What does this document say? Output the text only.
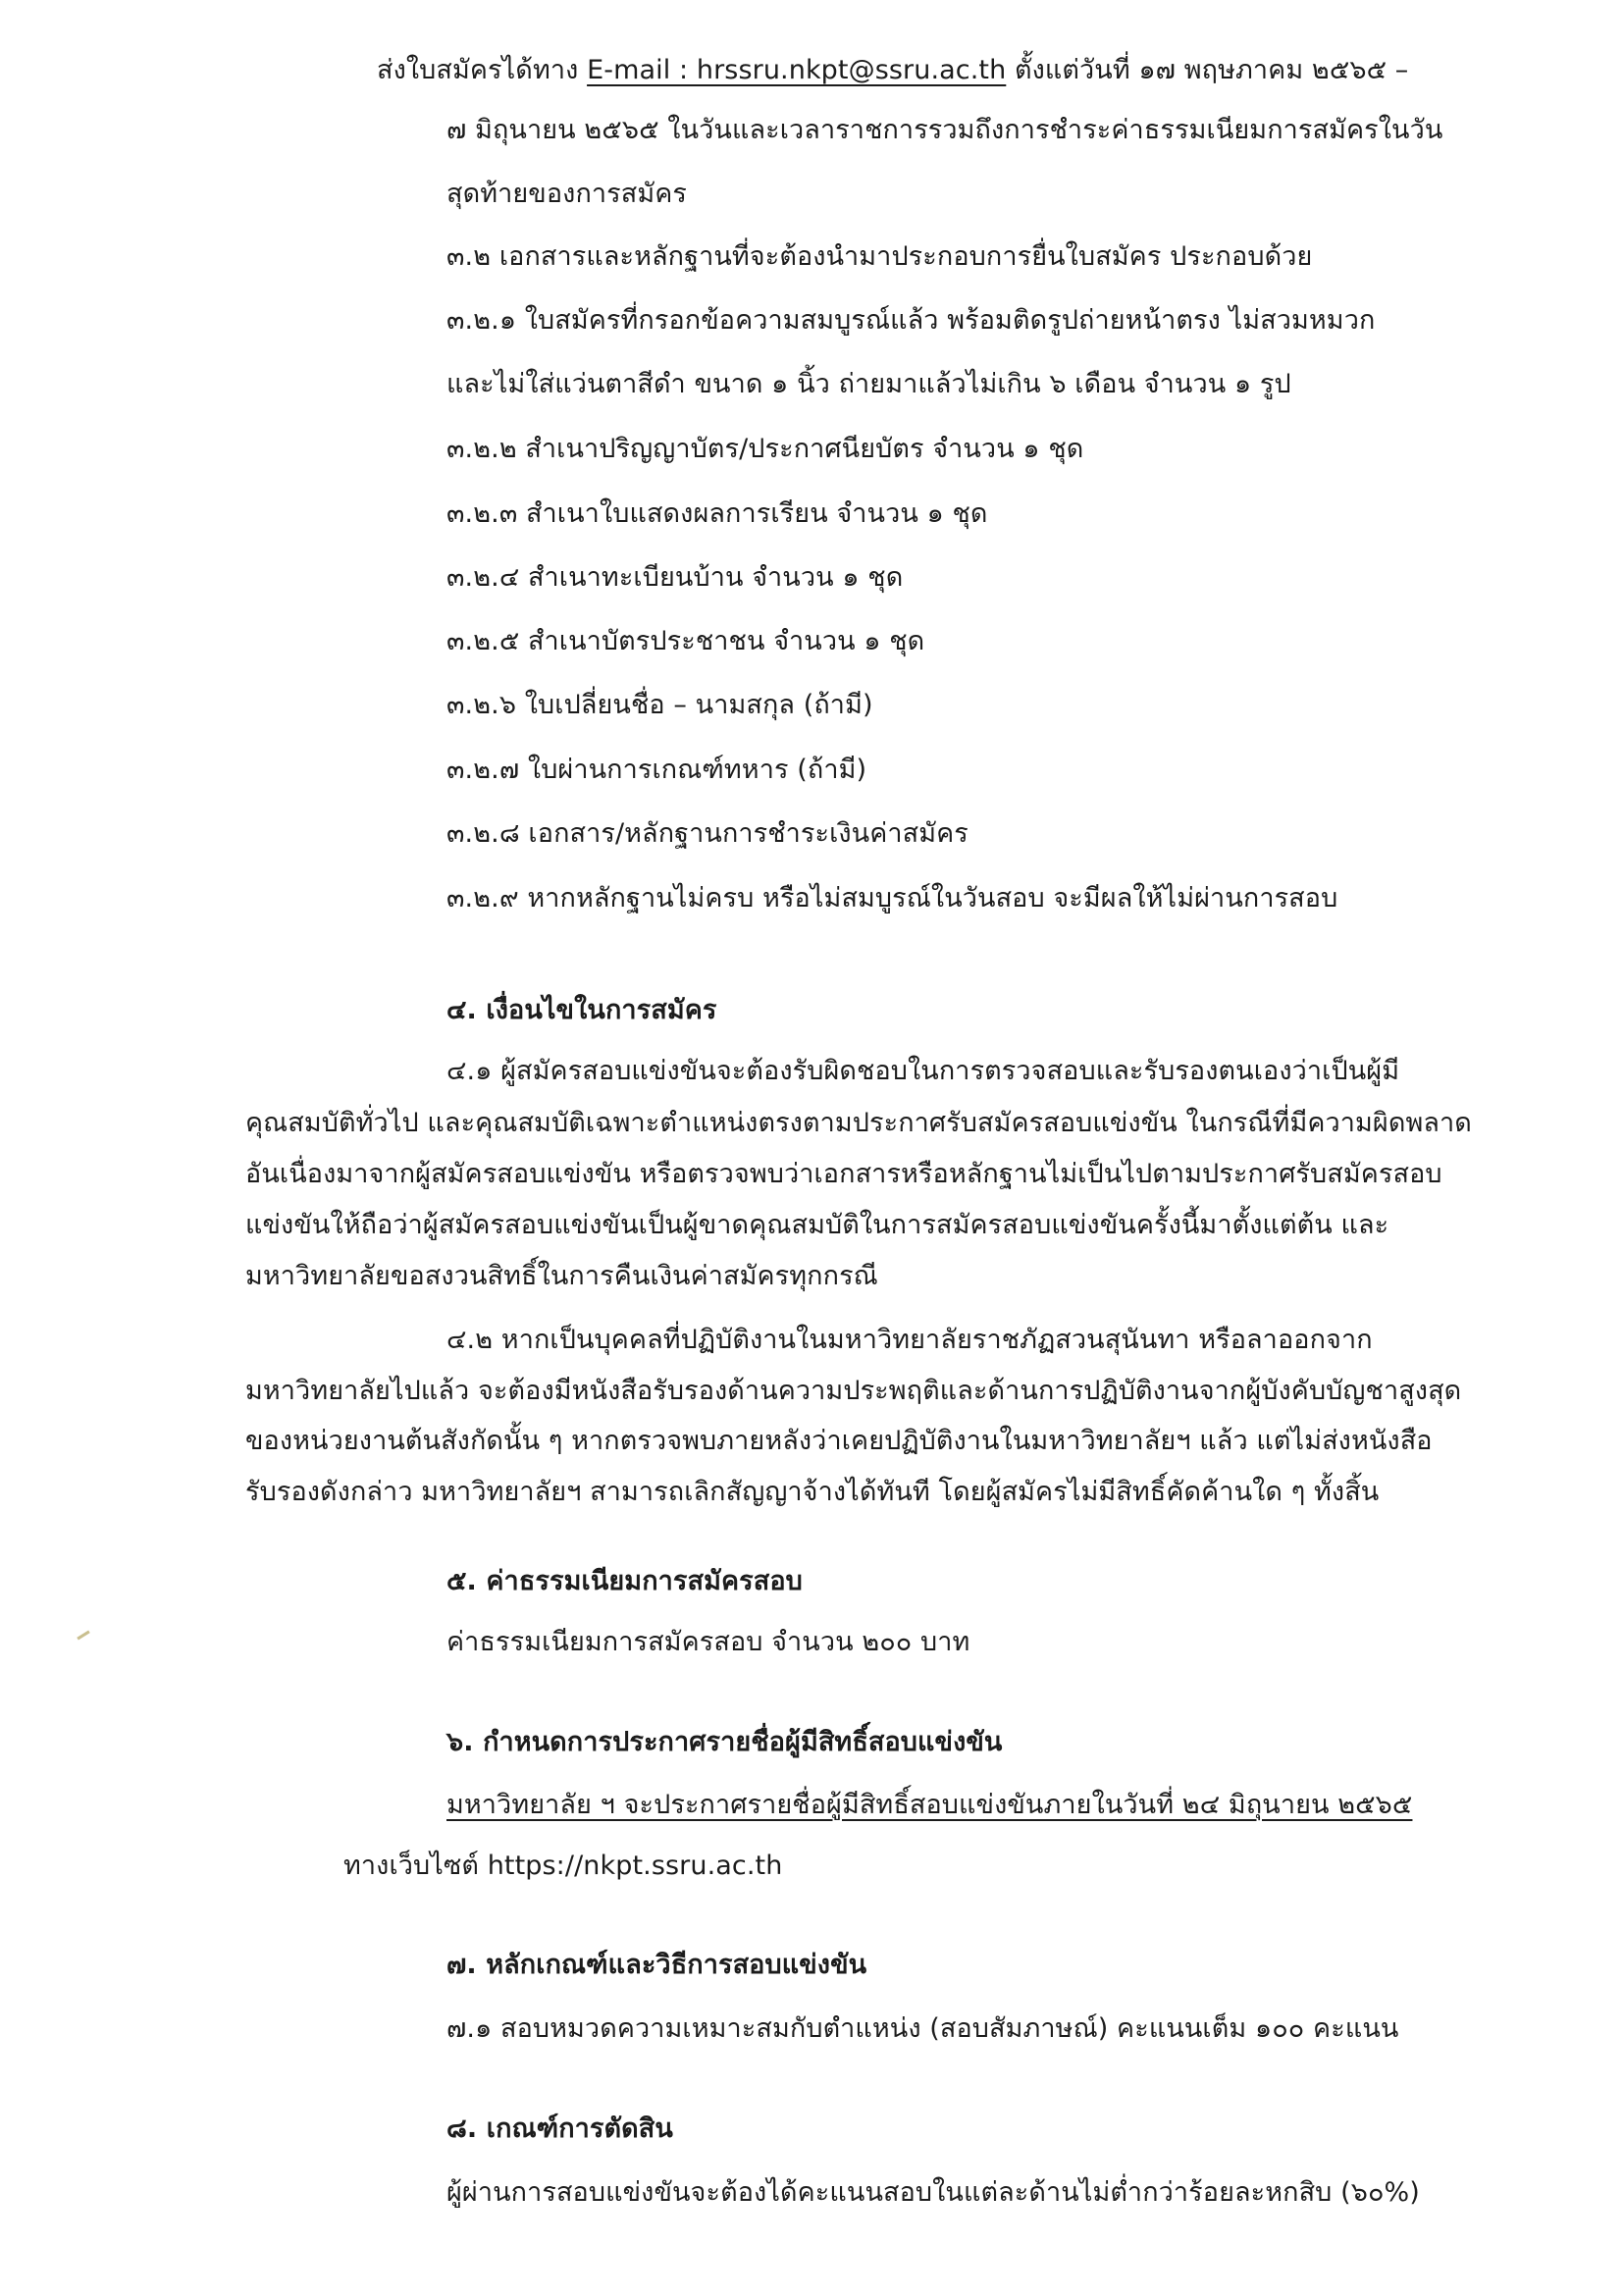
ส่งใบสมัครได้ทาง E-mail : hrssru.nkpt@ssru.ac.th ตั้งแต่วันที่ ๑๗ พฤษภาคม ๒๕๖๕ –
๗ มิถุนายน ๒๕๖๕ ในวันและเวลาราชการรวมถึงการชำระค่าธรรมเนียมการสมัครในวัน
สุดท้ายของการสมัคร
๓.๒ เอกสารและหลักฐานที่จะต้องนำมาประกอบการยื่นใบสมัคร ประกอบด้วย
๓.๒.๑ ใบสมัครที่กรอกข้อความสมบูรณ์แล้ว พร้อมติดรูปถ่ายหน้าตรง ไม่สวมหมวก
และไม่ใส่แว่นตาสีดำ ขนาด ๑ นิ้ว ถ่ายมาแล้วไม่เกิน ๖ เดือน จำนวน ๑ รูป
๓.๒.๒ สำเนาปริญญาบัตร/ประกาศนียบัตร จำนวน ๑ ชุด
๓.๒.๓ สำเนาใบแสดงผลการเรียน จำนวน ๑ ชุด
๓.๒.๔ สำเนาทะเบียนบ้าน จำนวน ๑ ชุด
๓.๒.๕ สำเนาบัตรประชาชน จำนวน ๑ ชุด
๓.๒.๖ ใบเปลี่ยนชื่อ – นามสกุล (ถ้ามี)
๓.๒.๗ ใบผ่านการเกณฑ์ทหาร (ถ้ามี)
๓.๒.๘ เอกสาร/หลักฐานการชำระเงินค่าสมัคร
๓.๒.๙ หากหลักฐานไม่ครบ หรือไม่สมบูรณ์ในวันสอบ จะมีผลให้ไม่ผ่านการสอบ
๔. เงื่อนไขในการสมัคร
๔.๑ ผู้สมัครสอบแข่งขันจะต้องรับผิดชอบในการตรวจสอบและรับรองตนเองว่าเป็นผู้มี
คุณสมบัติทั่วไป และคุณสมบัติเฉพาะตำแหน่งตรงตามประกาศรับสมัครสอบแข่งขัน ในกรณีที่มีความผิดพลาด
อันเนื่องมาจากผู้สมัครสอบแข่งขัน หรือตรวจพบว่าเอกสารหรือหลักฐานไม่เป็นไปตามประกาศรับสมัครสอบ
แข่งขันให้ถือว่าผู้สมัครสอบแข่งขันเป็นผู้ขาดคุณสมบัติในการสมัครสอบแข่งขันครั้งนี้มาตั้งแต่ต้น และ
มหาวิทยาลัยขอสงวนสิทธิ์ในการคืนเงินค่าสมัครทุกกรณี
๔.๒ หากเป็นบุคคลที่ปฏิบัติงานในมหาวิทยาลัยราชภัฏสวนสุนันทา หรือลาออกจาก
มหาวิทยาลัยไปแล้ว จะต้องมีหนังสือรับรองด้านความประพฤติและด้านการปฏิบัติงานจากผู้บังคับบัญชาสูงสุด
ของหน่วยงานต้นสังกัดนั้น ๆ หากตรวจพบภายหลังว่าเคยปฏิบัติงานในมหาวิทยาลัยฯ แล้ว แต่ไม่ส่งหนังสือ
รับรองดังกล่าว มหาวิทยาลัยฯ สามารถเลิกสัญญาจ้างได้ทันที โดยผู้สมัครไม่มีสิทธิ์คัดค้านใด ๆ ทั้งสิ้น
๕. ค่าธรรมเนียมการสมัครสอบ
ค่าธรรมเนียมการสมัครสอบ จำนวน ๒๐๐ บาท
๖. กำหนดการประกาศรายชื่อผู้มีสิทธิ์สอบแข่งขัน
มหาวิทยาลัย ฯ จะประกาศรายชื่อผู้มีสิทธิ์สอบแข่งขันภายในวันที่ ๒๔ มิถุนายน ๒๕๖๕
ทางเว็บไซต์ https://nkpt.ssru.ac.th
๗. หลักเกณฑ์และวิธีการสอบแข่งขัน
๗.๑ สอบหมวดความเหมาะสมกับตำแหน่ง (สอบสัมภาษณ์) คะแนนเต็ม ๑๐๐ คะแนน
๘. เกณฑ์การตัดสิน
ผู้ผ่านการสอบแข่งขันจะต้องได้คะแนนสอบในแต่ละด้านไม่ต่ำกว่าร้อยละหกสิบ (๖๐%)
